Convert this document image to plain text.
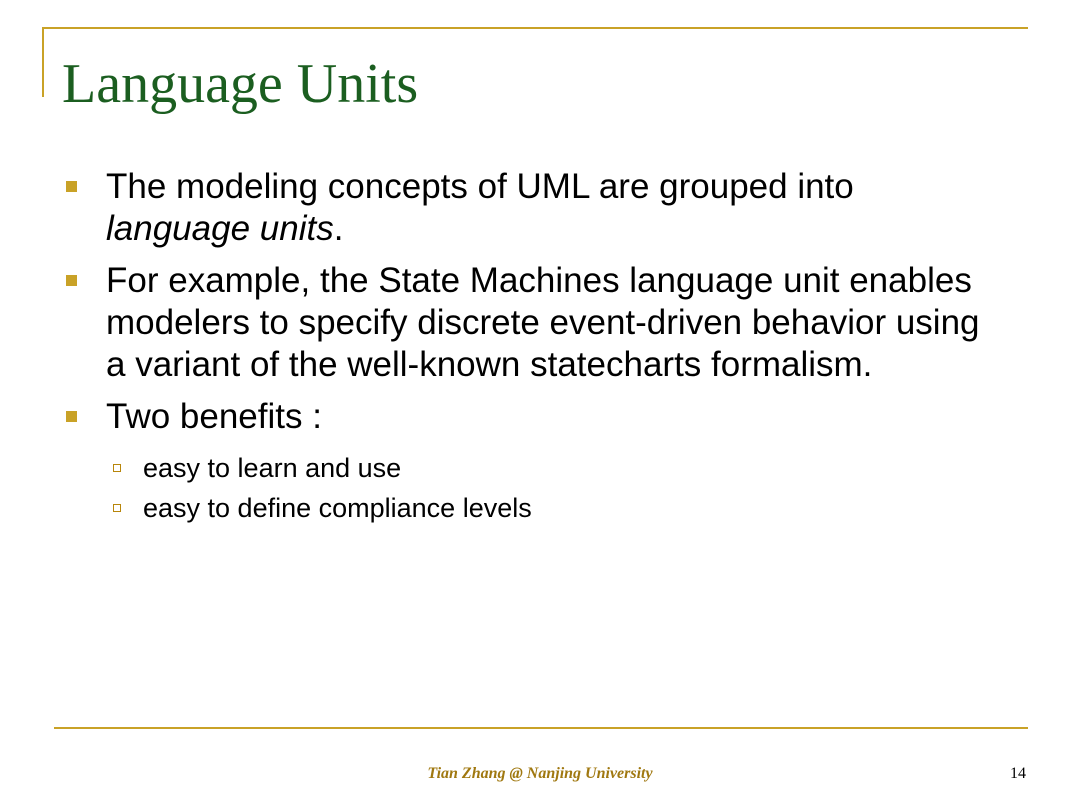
Language Units
The modeling concepts of UML are grouped into language units.
For example, the State Machines language unit enables modelers to specify discrete event-driven behavior using a variant of the well-known statecharts formalism.
Two benefits :
easy to learn and use
easy to define compliance levels
Tian Zhang @ Nanjing University	14
